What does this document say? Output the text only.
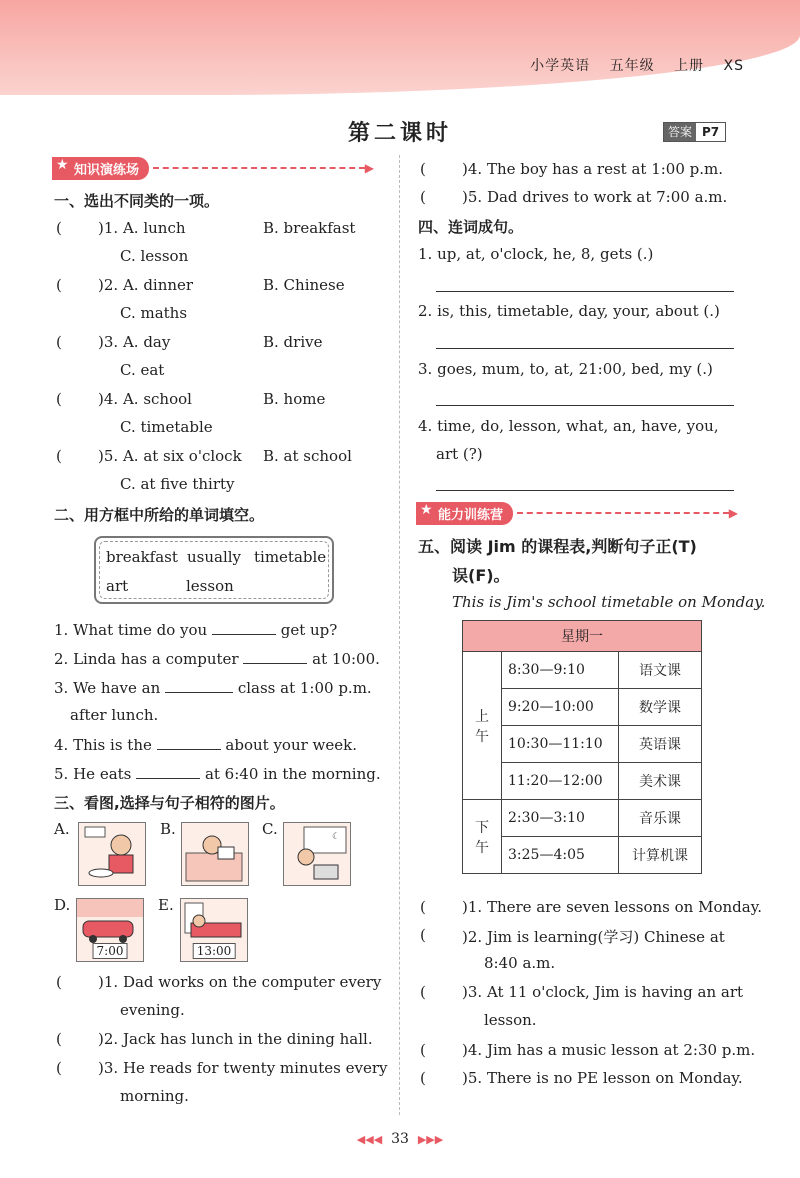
小学英语 五年级 上册 XS
第二课时	答案 P7
★ 知识演练场	▶
一、选出不同类的一项。
二、用方框中所给的单词填空。
breakfast usually timetable
art	lesson
1. What time do you	get up?
2. Linda has a computer	at 10:00.
3. We have an	class at 1:00 p.m.
after lunch.
4. This is the	about your week.
5. He eats	at 6:40 in the morning.
三、看图,选择与句子相符的图片。
A.	B.	C.	☾
D.
7:00
E.
13:00
四、连词成句。
1. up, at, o'clock, he, 8, gets (.)
2. is, this, timetable, day, your, about (.)
3. goes, mum, to, at, 21:00, bed, my (.)
4. time, do, lesson, what, an, have, you,
art (?)
★ 能力训练营	▶
五、阅读 Jim 的课程表,判断句子正(T)
误(F)。
This is Jim's school timetable on Monday.
星期一		
上午	8:30—9:10	语文课
	9:20—10:00	数学课
	10:30—11:10	英语课
	11:20—12:00	美术课
下午	2:30—3:10	音乐课
	3:25—4:05	计算机课
◀◀◀ 33 ▶▶▶
( )1. A. lunch	B. breakfast
C. lesson
( )2. A. dinner	B. Chinese
C. maths
( )3. A. day	B. drive
C. eat
( )4. A. school	B. home
C. timetable
( )5. A. at six o'clock B. at school
C. at five thirty
( )1. Dad works on the computer every
evening.
( )2. Jack has lunch in the dining hall.
( )3. He reads for twenty minutes every
morning.
( )4. The boy has a rest at 1:00 p.m.
( )5. Dad drives to work at 7:00 a.m.
( )1. There are seven lessons on Monday.
( )2. Jim is learning(学习) Chinese at
8:40 a.m.
( )3. At 11 o'clock, Jim is having an art
lesson.
( )4. Jim has a music lesson at 2:30 p.m.
( )5. There is no PE lesson on Monday.
